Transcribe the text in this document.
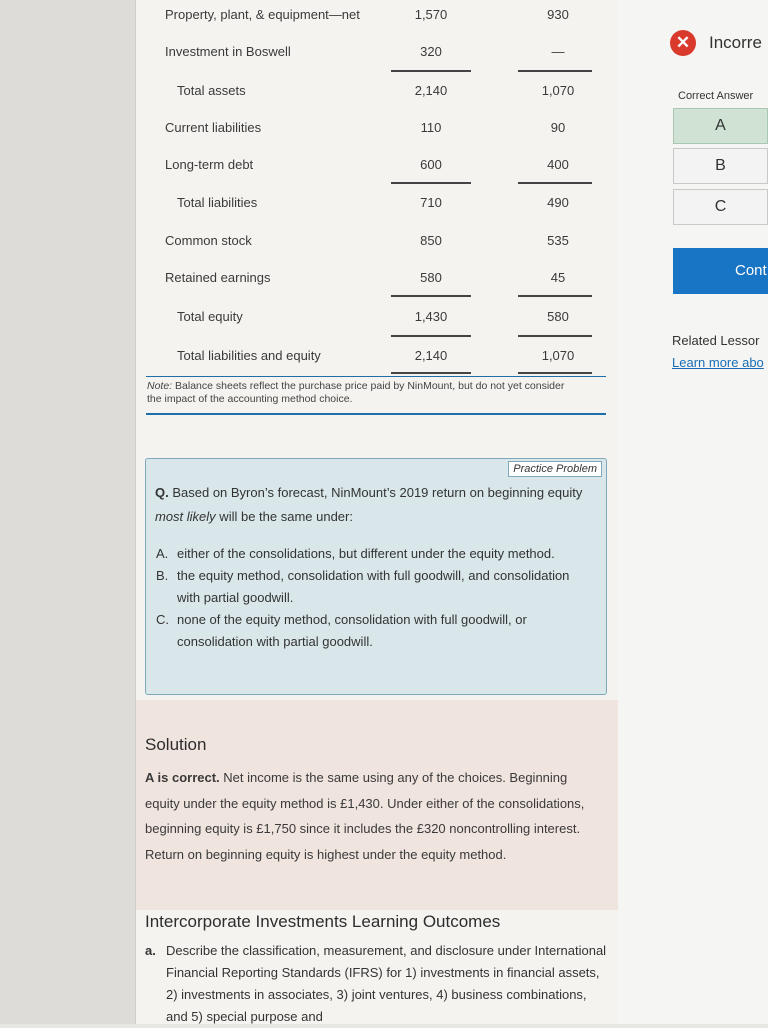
Property, plant, & equipment—net	1,570	930
Investment in Boswell	320	—
Total assets	2,140	1,070
Current liabilities	110	90
Long-term debt	600	400
Total liabilities	710	490
Common stock	850	535
Retained earnings	580	45
Total equity	1,430	580
Total liabilities and equity	2,140	1,070
Note: Balance sheets reflect the purchase price paid by NinMount, but do not yet consider the impact of the accounting method choice.
Practice Problem
Q. Based on Byron’s forecast, NinMount’s 2019 return on beginning equity most likely will be the same under:
A. either of the consolidations, but different under the equity method.
B. the equity method, consolidation with full goodwill, and consolidation with partial goodwill.
C. none of the equity method, consolidation with full goodwill, or consolidation with partial goodwill.
Solution
A is correct. Net income is the same using any of the choices. Beginning equity under the equity method is £1,430. Under either of the consolidations, beginning equity is £1,750 since it includes the £320 noncontrolling interest. Return on beginning equity is highest under the equity method.
Intercorporate Investments Learning Outcomes
a. Describe the classification, measurement, and disclosure under International Financial Reporting Standards (IFRS) for 1) investments in financial assets, 2) investments in associates, 3) joint ventures, 4) business combinations, and 5) special purpose and
✕	Incorre
Correct Answer
A
B
C
Cont
Related Lessor
Learn more abo
